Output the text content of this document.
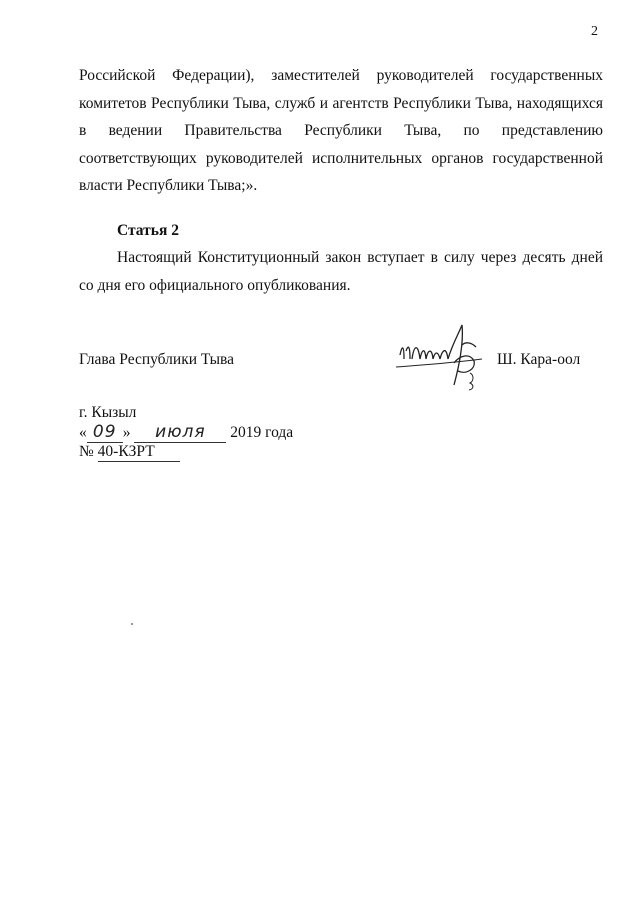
2

Российской Федерации), заместителей руководителей государственных комитетов Республики Тыва, служб и агентств Республики Тыва, находящихся в ведении Правительства Республики Тыва, по представлению соответствующих руководителей исполнительных органов государственной власти Республики Тыва;».

Статья 2

Настоящий Конституционный закон вступает в силу через десять дней со дня его официального опубликования.

Глава Республики Тыва	Ш. Кара-оол
г. Кызыл
« 09 » июля 2019 года
№ 40-КЗРТ
